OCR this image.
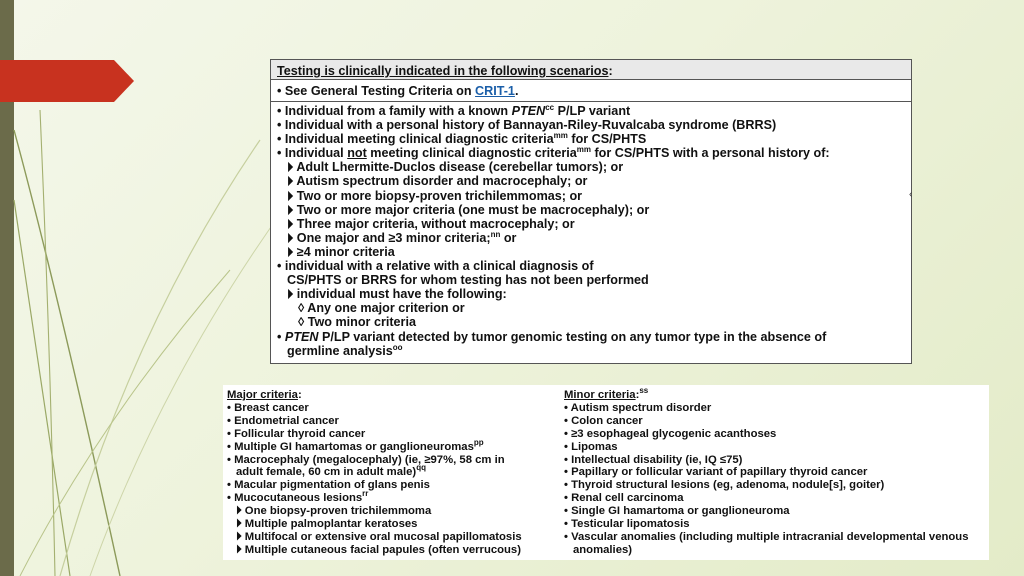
Testing is clinically indicated in the following scenarios:
• See General Testing Criteria on CRIT-1.
• Individual from a family with a known $PTEN^{cc}$ P/LP variant
• Individual with a personal history of Bannayan-Riley-Ruvalcaba syndrome (BRRS)
• Individual meeting clinical diagnostic criteria$^{mm}$ for CS/PHTS
• Individual not meeting clinical diagnostic criteria$^{mm}$ for CS/PHTS with a personal history of:
⏵ Adult Lhermitte-Duclos disease (cerebellar tumors); or
⏵ Autism spectrum disorder and macrocephaly; or
⏵ Two or more biopsy-proven trichilemmomas; or
⏵ Two or more major criteria (one must be macrocephaly); or
⏵ Three major criteria, without macrocephaly; or
⏵ One major and ≥3 minor criteria;$^{nn}$ or
⏵ ≥4 minor criteria
• individual with a relative with a clinical diagnosis of
CS/PHTS or BRRS for whom testing has not been performed
⏵ individual must have the following:
◊ Any one major criterion or
◊ Two minor criteria
• PTEN P/LP variant detected by tumor genomic testing on any tumor type in the absence of
germline analysis$^{oo}$
‹
Major criteria:
• Breast cancer
• Endometrial cancer
• Follicular thyroid cancer
• Multiple GI hamartomas or ganglioneuromas$^{pp}$
• Macrocephaly (megalocephaly) (ie, ≥97%, 58 cm in
adult female, 60 cm in adult male)$^{qq}$
• Macular pigmentation of glans penis
• Mucocutaneous lesions$^{rr}$
⏵ One biopsy-proven trichilemmoma
⏵ Multiple palmoplantar keratoses
⏵ Multifocal or extensive oral mucosal papillomatosis
⏵ Multiple cutaneous facial papules (often verrucous)
Minor criteria:$^{ss}$
• Autism spectrum disorder
• Colon cancer
• ≥3 esophageal glycogenic acanthoses
• Lipomas
• Intellectual disability (ie, IQ ≤75)
• Papillary or follicular variant of papillary thyroid cancer
• Thyroid structural lesions (eg, adenoma, nodule[s], goiter)
• Renal cell carcinoma
• Single GI hamartoma or ganglioneuroma
• Testicular lipomatosis
• Vascular anomalies (including multiple intracranial developmental venous
anomalies)
